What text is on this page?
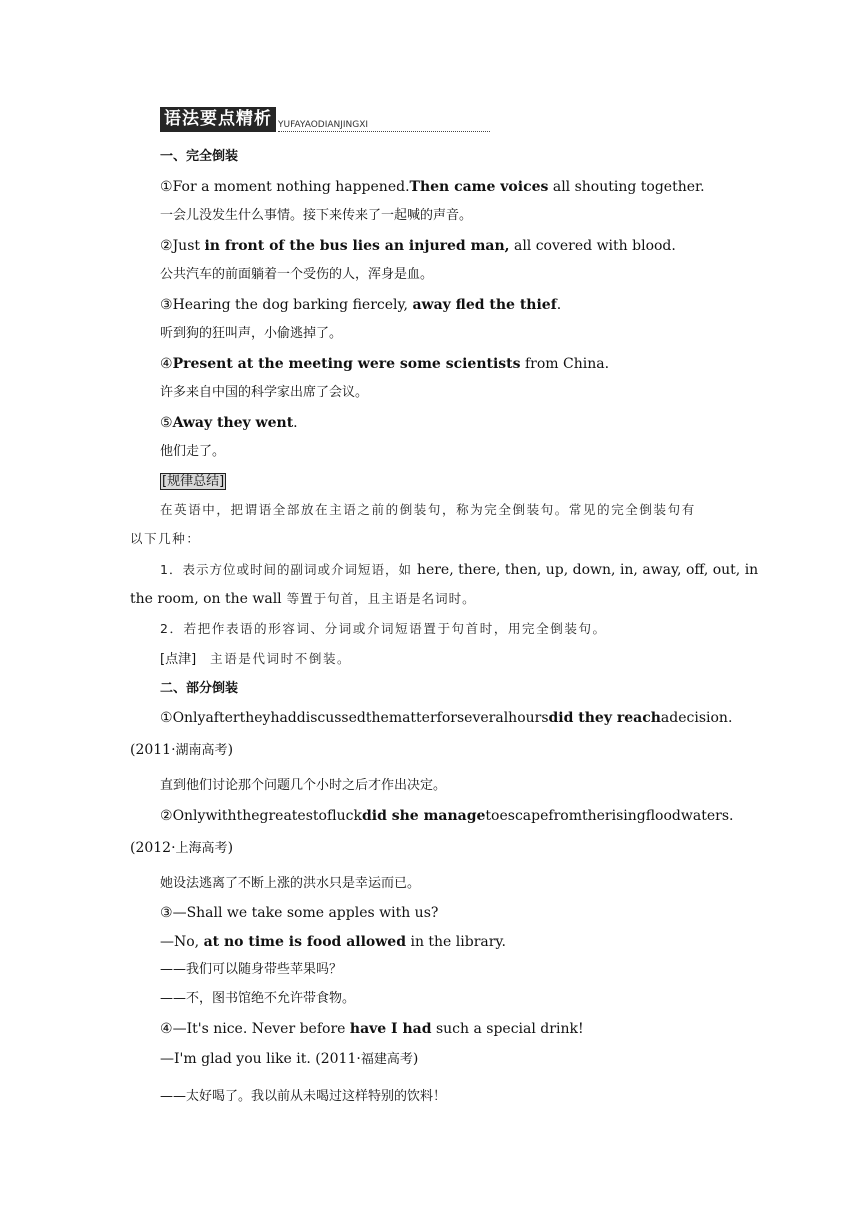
语法要点精析 YUFAYAODIANJINGXI
一、完全倒装
①For a moment nothing happened.Then came voices all shouting together.
一会儿没发生什么事情。接下来传来了一起喊的声音。
②Just in front of the bus lies an injured man, all covered with blood.
公共汽车的前面躺着一个受伤的人，浑身是血。
③Hearing the dog barking fiercely, away fled the thief.
听到狗的狂叫声，小偷逃掉了。
④Present at the meeting were some scientists from China.
许多来自中国的科学家出席了会议。
⑤Away they went.
他们走了。
[规律总结]
在英语中，把谓语全部放在主语之前的倒装句，称为完全倒装句。常见的完全倒装句有
以下几种：
1．表示方位或时间的副词或介词短语，如 here, there, then, up, down, in, away, off, out, in
the room, on the wall 等置于句首，且主语是名词时。
2．若把作表语的形容词、分词或介词短语置于句首时，用完全倒装句。
[点津] 主语是代词时不倒装。
二、部分倒装
①Only after they had discussed the matter for several hours did they reach a decision.
(2011·湖南高考)
直到他们讨论那个问题几个小时之后才作出决定。
②Only with the greatest of luck did she manage to escape from the rising flood waters.
(2012·上海高考)
她设法逃离了不断上涨的洪水只是幸运而已。
③—Shall we take some apples with us?
—No, at no time is food allowed in the library.
——我们可以随身带些苹果吗？
——不，图书馆绝不允许带食物。
④—It's nice. Never before have I had such a special drink!
—I'm glad you like it. (2011·福建高考)
——太好喝了。我以前从未喝过这样特别的饮料！
